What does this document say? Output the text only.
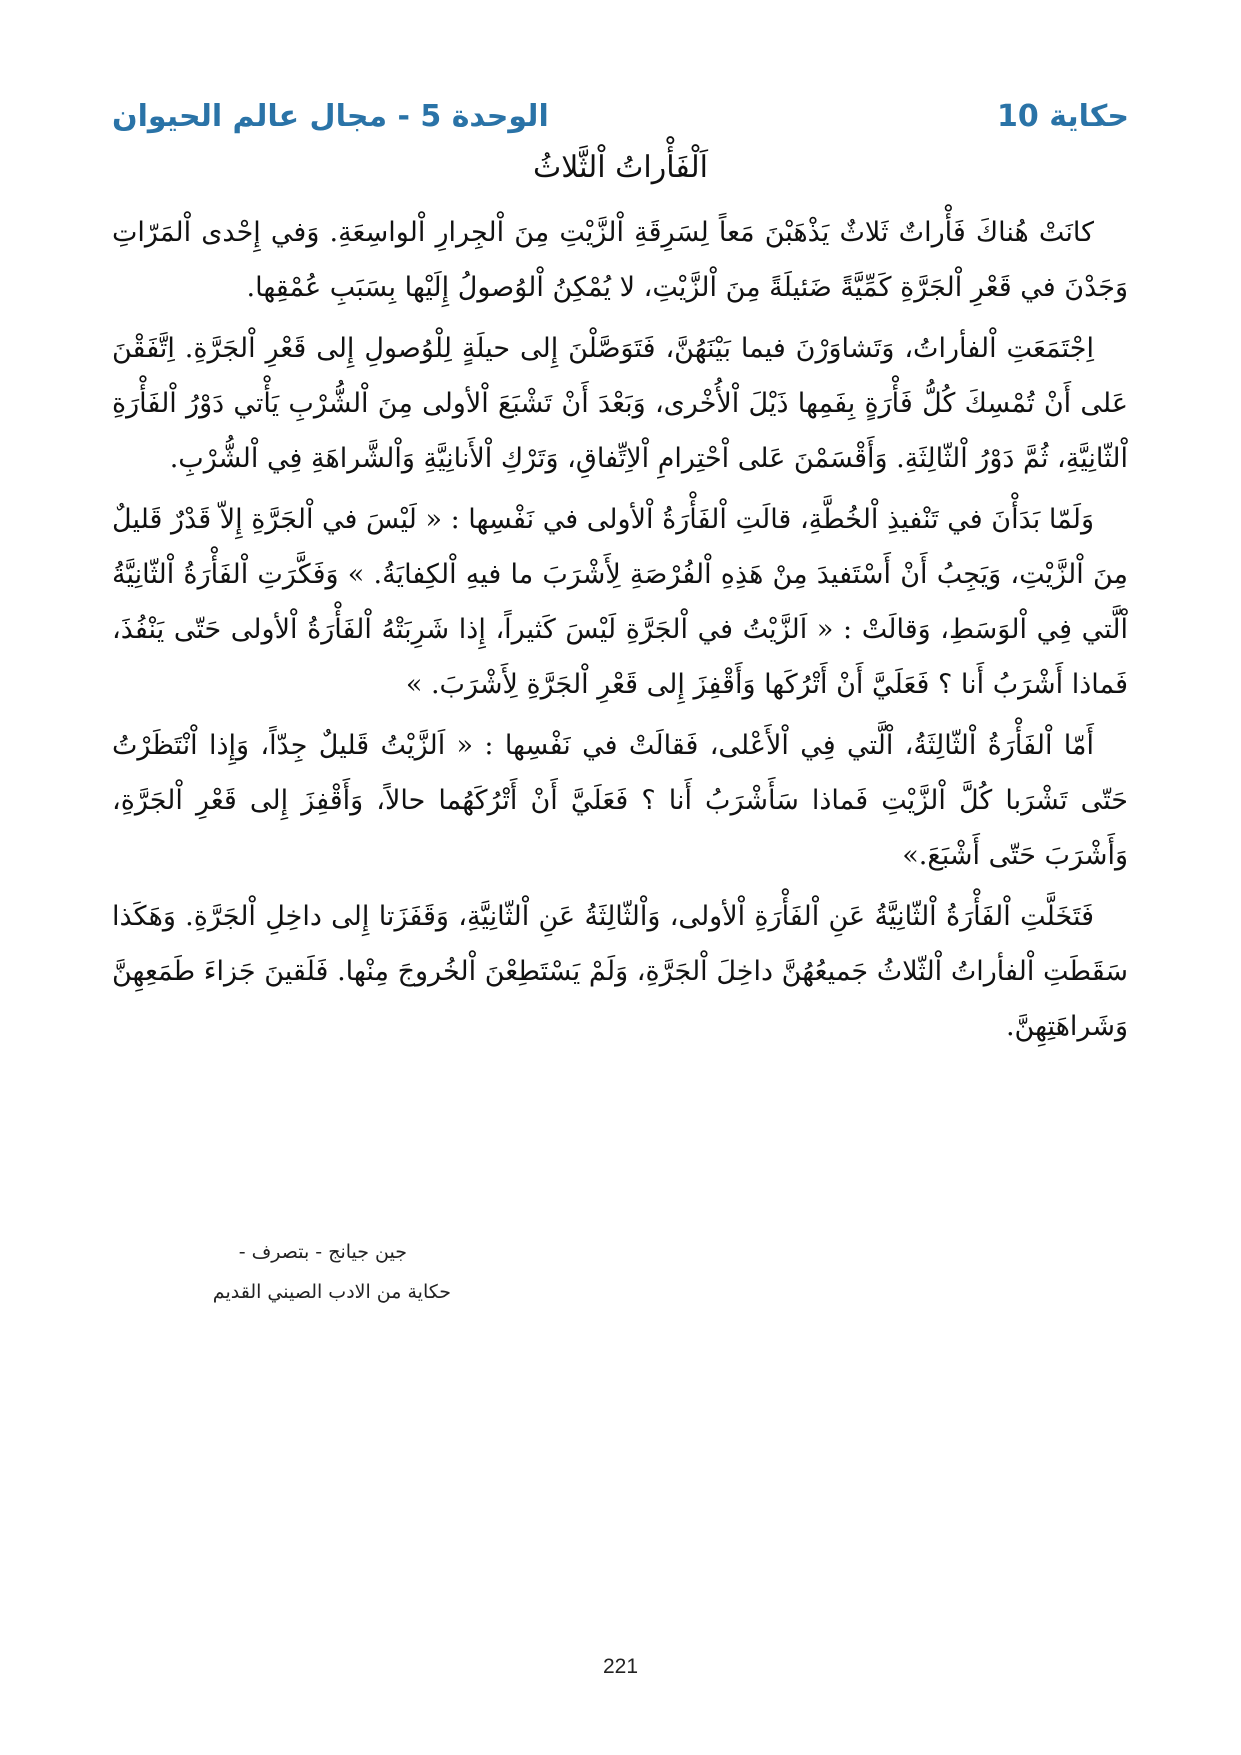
حكاية 10
الوحدة 5 - مجال عالم الحيوان
اَلْفَأْراتُ اْلثَّلاثُ

كانَتْ هُناكَ فَأْراتٌ ثَلاثٌ يَذْهَبْنَ مَعاً لِسَرِقَةِ اْلزَّيْتِ مِنَ اْلجِرارِ اْلواسِعَةِ. وَفي إِحْدى اْلمَرّاتِ وَجَدْنَ في قَعْرِ اْلجَرَّةِ كَمِّيَّةً ضَئيلَةً مِنَ اْلزَّيْتِ، لا يُمْكِنُ اْلوُصولُ إِلَيْها بِسَبَبِ عُمْقِها.

اِجْتَمَعَتِ اْلفأراتُ، وَتَشاوَرْنَ فيما بَيْنَهُنَّ، فَتَوَصَّلْنَ إِلى حيلَةٍ لِلْوُصولِ إِلى قَعْرِ اْلجَرَّةِ. اِتَّفَقْنَ عَلى أَنْ تُمْسِكَ كُلُّ فَأْرَةٍ بِفَمِها ذَيْلَ اْلأُخْرى، وَبَعْدَ أَنْ تَشْبَعَ اْلأولى مِنَ اْلشُّرْبِ يَأْتي دَوْرُ اْلفَأْرَةِ اْلثّانِيَّةِ، ثُمَّ دَوْرُ اْلثّالِثَةِ. وَأَقْسَمْنَ عَلى اْحْتِرامِ اْلاِتِّفاقِ، وَتَرْكِ اْلأَنانِيَّةِ وَاْلشَّراهَةِ فِي اْلشُّرْبِ.

وَلَمّا بَدَأْنَ في تَنْفيذِ اْلخُطَّةِ، قالَتِ اْلفَأْرَةُ اْلأولى في نَفْسِها : « لَيْسَ في اْلجَرَّةِ إِلاّ قَدْرٌ قَليلٌ مِنَ اْلزَّيْتِ، وَيَجِبُ أَنْ أَسْتَفيدَ مِنْ هَذِهِ اْلفُرْصَةِ لِأَشْرَبَ ما فيهِ اْلكِفايَةُ. » وَفَكَّرَتِ اْلفَأْرَةُ اْلثّانِيَّةُ اْلَّتي فِي اْلوَسَطِ، وَقالَتْ : « اَلزَّيْتُ في اْلجَرَّةِ لَيْسَ كَثيراً، إِذا شَرِبَتْهُ اْلفَأْرَةُ اْلأولى حَتّى يَنْفُذَ، فَماذا أَشْرَبُ أَنا ؟ فَعَلَيَّ أَنْ أَتْرُكَها وَأَقْفِزَ إِلى قَعْرِ اْلجَرَّةِ لِأَشْرَبَ. »

أَمّا اْلفَأْرَةُ اْلثّالِثَةُ، اْلَّتي فِي اْلأَعْلى، فَقالَتْ في نَفْسِها : « اَلزَّيْتُ قَليلٌ جِدّاً، وَإِذا اْنْتَظَرْتُ حَتّى تَشْرَبا كُلَّ اْلزَّيْتِ فَماذا سَأَشْرَبُ أَنا ؟ فَعَلَيَّ أَنْ أَتْرُكَهُما حالاً، وَأَقْفِزَ إِلى قَعْرِ اْلجَرَّةِ، وَأَشْرَبَ حَتّى أَشْبَعَ.»

فَتَخَلَّتِ اْلفَأْرَةُ اْلثّانِيَّةُ عَنِ اْلفَأْرَةِ اْلأولى، وَاْلثّالِثَةُ عَنِ اْلثّانِيَّةِ، وَقَفَزَتا إِلى داخِلِ اْلجَرَّةِ. وَهَكَذا سَقَطَتِ اْلفأراتُ اْلثّلاثُ جَميعُهُنَّ داخِلَ اْلجَرَّةِ، وَلَمْ يَسْتَطِعْنَ اْلخُروجَ مِنْها. فَلَقينَ جَزاءَ طَمَعِهِنَّ وَشَراهَتِهِنَّ.

جين جيانج - بتصرف -
حكاية من الادب الصيني القديم
221
